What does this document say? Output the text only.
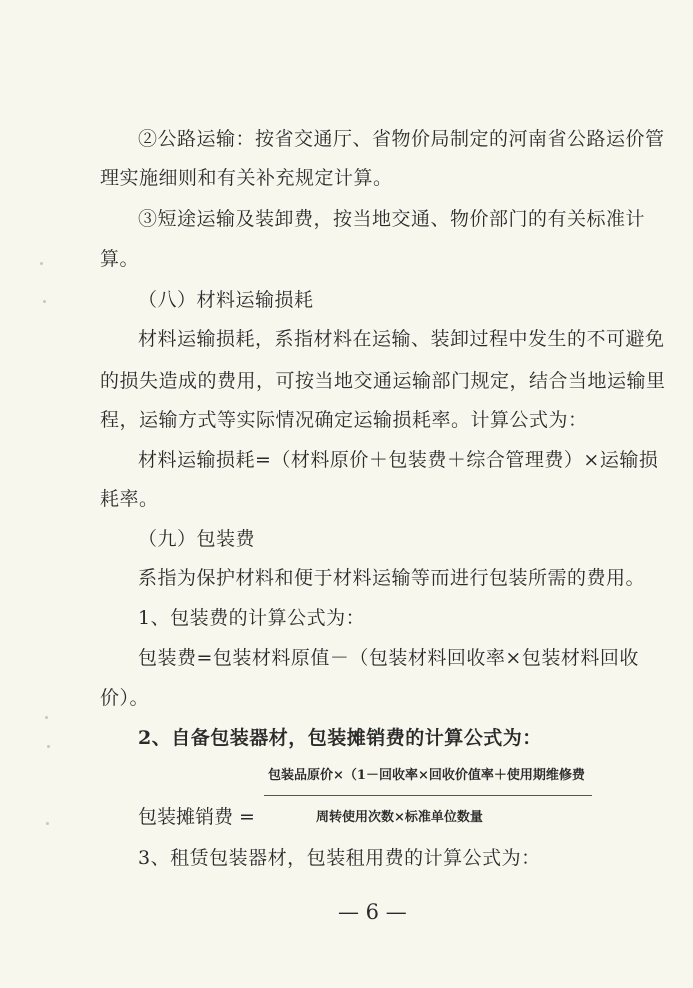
②公路运输：按省交通厅、省物价局制定的河南省公路运价管
理实施细则和有关补充规定计算。
③短途运输及装卸费，按当地交通、物价部门的有关标准计
算。
（八）材料运输损耗
材料运输损耗，系指材料在运输、装卸过程中发生的不可避免
的损失造成的费用，可按当地交通运输部门规定，结合当地运输里
程，运输方式等实际情况确定运输损耗率。计算公式为：
材料运输损耗=（材料原价＋包装费＋综合管理费）×运输损
耗率。
（九）包装费
系指为保护材料和便于材料运输等而进行包装所需的费用。
1、包装费的计算公式为：
包装费=包装材料原值－（包装材料回收率×包装材料回收
价）。
2、自备包装器材，包装摊销费的计算公式为：
包装品原价×（1－回收率×回收价值率＋使用期维修费
包装摊销费 =	周转使用次数×标准单位数量
3、租赁包装器材，包装租用费的计算公式为：
— 6 —
